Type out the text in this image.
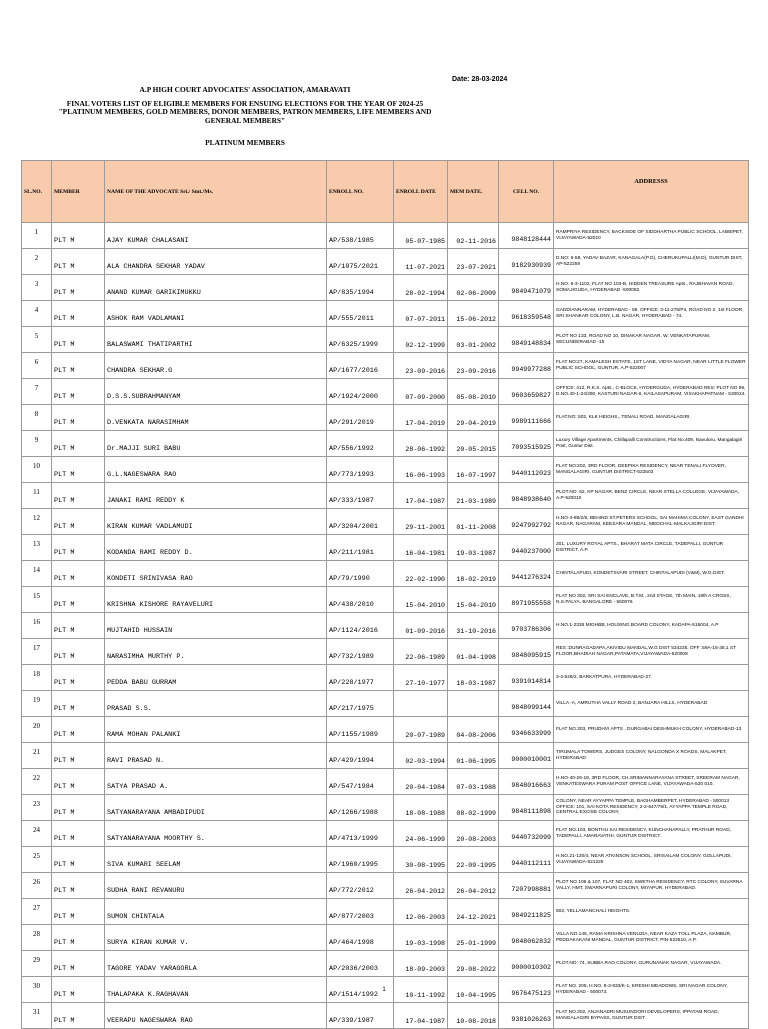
Date: 28-03-2024
A.P HIGH COURT ADVOCATES' ASSOCIATION, AMARAVATI
FINAL VOTERS LIST OF ELIGIBLE MEMBERS FOR ENSUING ELECTIONS FOR THE YEAR OF 2024-25
"PLATINUM MEMBERS, GOLD MEMBERS, DONOR MEMBERS, PATRON MEMBERS, LIFE MEMBERS AND GENERAL MEMBERS"
PLATINUM MEMBERS
SL.NO.	MEMBER	NAME OF THE ADVOCATE Sri./ Smt./Ms.	ENROLL NO.	ENROLL DATE	MEM DATE.	CELL NO.	ADDRESSS
1	PLT M	AJAY KUMAR CHALASANI	AP/538/1985	05-07-1985	02-11-2016	9848128444	RAMPRIYA RESIDENCY, BACKSIDE OF SIDDHARTHA PUBLIC SCHOOL, LABBIPET, VIJAYAWADA-52010
2	PLT M	ALA CHANDRA SEKHAR YADAV	AP/1075/2021	11-07-2021	23-07-2021	9182930939	D.NO: 6-58, YADAV BAZAR, KANAGALA(P.O), CHERUKUPALLI(M.D), GUNTUR DIST, AP-522259
3	PLT M	ANAND KUMAR GARIKIMUKKU	AP/835/1994	28-02-1994	02-06-2009	9849471079	H.NO. 6-3-1102, FLAT NO 103-B, HIDDEN TREASURE Apts., RAJBHAVAN ROAD, SOMAJIGUDA, HYDERABAD -500082.
4	PLT M	ASHOK RAM VADLAMANI	AP/555/2011	07-07-2011	15-06-2012	9618359548	GADDIANNARAM, HYDERABAD - 59. OFFICE: 3-11-275/P4, ROAD NO 2, 1st FLOOR, SRI SHANKAR COLONY, L.B. NAGAR, HYDERABAD - 74.
5	PLT M	BALASWAMI THATIPARTHI	AP/6325/1999	02-12-1999	03-01-2002	9849148834	PLOT NO 133, ROAD NO 10, DINAKAR NAGAR, W. VENKATAPURAM, SECUNDERABAD -15
6	PLT M	CHANDRA SEKHAR.G	AP/1677/2016	23-09-2016	23-09-2016	9949977288	FLAT NO:27, KAMALESH ESTATE, 1ST LANE, VIDYA NAGAR, NEAR LITTLE FLOWER PUBLIC SCHOOL, GUNTUR, A.P-522007
7	PLT M	D.S.S.SUBRAHMANYAM	AP/1924/2000	07-09-2000	05-08-2010	9603659827	OFFICE: 412, R.K.S. Apts., C-BLOCK, HYDERGUDA, HYDERABAD RES: PLOT NO 96, D.NO.40-1-24/290, KASTURI NAGAR-II, KAILASAPURAM, VISAKHAPATNAM - 530024.
8	PLT M	D.VENKATA NARASIMHAM	AP/291/2019	17-04-2019	29-04-2019	9989111666	FLAT.NO: 502, KLK HEIGHS,, TENALI ROAD, MANGALAGIRI.
9	PLT M	Dr.MAJJI SURI BABU	AP/556/1992	28-06-1992	20-05-2015	7093515925	Luxury Village Apartments, Chillapalli Constructions, Flat No.409, Navuluru, Mangalagiri Post, Guntur Dist.
10	PLT M	G.L.NAGESWARA RAO	AP/773/1993	16-06-1993	16-07-1997	9440112023	FLAT NO:202, 3RD FLOOR, DEEPIKA RESIDENCY, NEAR TENALI FLYOVER, MANGALAGIRI, GUNTUR DISTRICT-522503
11	PLT M	JANAKI RAMI REDDY K	AP/333/1987	17-04-1987	21-03-1989	9848938640	PLOT.NO: 62, KP NAGAR, BENZ CIRCLE, NEAR STELLA COLLEGE, VIJAYAWADA, A.P-520010
12	PLT M	KIRAN KUMAR VADLAMUDI	AP/3204/2001	29-11-2001	01-11-2008	9247992792	H.NO-4-88/2/5, BEHIND ST.PETERS SCHOOL, SAI MAHIMA COLONY, EAST GANDHI NAGAR, NAGARAM, KEESARA MANDAL, MEDCHAL-MALKAJGIRI DIST.
13	PLT M	KODANDA RAMI REDDY D.	AP/211/1981	16-04-1981	19-03-1987	9440237000	201, LUXURY ROYAL APTS., BHARAT MATA CIRCLE, TADEPALLI, GUNTUR DISTRICT, A.P.
14	PLT M	KONDETI SRINIVASA RAO	AP/79/1990	22-02-1990	18-02-2019	9441276324	CHINTALAPUDI, KONDETSVARI STREET, CHINTALAPUDI (V&M), W.G.DIST.
15	PLT M	KRISHNA KISHORE RAYAVELURI	AP/438/2010	15-04-2010	15-04-2010	8971955558	FLAT NO 302, SRI SAI ENCLAVE, B.T.M., 2nd STAGE, 7th MAIN, 19th A CROSS, N.S.PALYA, BANGALORE - 560076
16	PLT M	MUJTAHID HUSSAIN	AP/1124/2016	01-09-2016	31-10-2016	9703786306	H.NO.1-2336 MIGHBB, HOUSING BOARD COLONY, KADAPA-516004, A.P
17	PLT M	NARASIMHA MURTHY P.	AP/732/1989	22-06-1989	01-04-1998	9848095915	RES :DUNRAGADAPA,AKIVIDU MANDAL,W.G DIST 534235. OFF :59A-15-35,1 ST FLOOR,BHADIAH NAGAR,PATAMATA,VIJAYAWADA-520008
18	PLT M	PEDDA BABU GURRAM	AP/228/1977	27-10-1977	18-03-1987	9391014814	3-4-526/2, BARKATPURA, HYDERABAD-27.
19	PLT M	PRASAD S.S.	AP/217/1975			9848099144	VILLA -A, AMRUTHA VALLY ROAD 2, BANJARA HILLS, HYDERABAD
20	PLT M	RAMA MOHAN PALANKI	AP/1155/1989	20-07-1989	04-08-2006	9346633999	FLAT NO.303, PRUDHVI APTS , DURGABAI DESHMUKH COLONY, HYDERABAD-13
21	PLT M	RAVI PRASAD N.	AP/429/1994	02-03-1994	01-06-1995	9000010001	TIRUMALA TOWERS, JUDGES COLONY, NALGONDA X ROADS, MALAKPET, HYDERABAD
22	PLT M	SATYA PRASAD A.	AP/547/1984	20-04-1984	07-03-1988	9848016663	H.NO-40-26-18, 3RD FLOOR, CH.SRIMANNARAYANA STREET, SREERAM NAGAR, VENKATESWARA PURAM POST OFFICE LANE, VIJAYAWADA-520 010.
23	PLT M	SATYANARAYANA AMBADIPUDI	AP/1266/1988	18-08-1988	08-02-1999	9848111898	COLONY, NEAR AYYAPPA TEMPLE, BAGHAMBERPET, HYDERABAD - 500013 OFFICE: 101, SAI KOTA RESIDENCY, 2-2-647/79/1, AYYAPPA TEMPLE ROAD, CENTRAL EXCISE COLONY,
24	PLT M	SATYANARAYANA MOORTHY S.	AP/4713/1999	24-06-1999	20-08-2003	9440732099	FLAT NO.103, BONTHU SAI RESIDENCY, KUNCHANAPALLY, PRATHUR ROAD, TADEPALLI, AMARAVATHI, GUNTUR DISTRICT.
25	PLT M	SIVA KUMARI SEELAM	AP/1960/1995	30-08-1995	22-09-1995	9440112111	H.NO.21-130/4, NEAR ATKINSON SCHOOL, SRISAILAM COLONY, GOLLAPUDI, VIJAYAWADA-521225
26	PLT M	SUDHA RANI REVANURU	AP/772/2012	26-04-2012	26-04-2012	7207998881	PLOT NO 106 & 107, FLAT NO 402, SWETHA RESIDENCY, RTC COLONY, SUVARNA VALLY, HMT, SWARNAPURI COLONY, MIYAPUR, HYDERABAD.
27	PLT M	SUMON CHINTALA	AP/877/2003	12-06-2003	24-12-2021	9849211825	602, YELLAMANCHALI HEIGHTS.
28	PLT M	SURYA KIRAN KUMAR V.	AP/464/1998	19-03-1998	25-01-1999	9848062832	VILLA NO.145, RAMA KRISHNA VENUZIA, NEAR KAZA TOLL PLAZA, NAMBUR, PEDDAKAKANI MANDAL, GUNTUR DISTRICT, PIN-522510, A.P.
29	PLT M	TAGORE YADAV YARAGORLA	AP/2036/2003	18-09-2003	29-08-2022	9000010302	PLOT.NO: 74, SUBBA RAO COLONY, GURUNANAK NAGAR, VIJAYAWADA.
30	PLT M	THALAPAKA K.RAGHAVAN	AP/1514/1992	10-11-1992	10-04-1995	9676475123	FLAT NO. 205, H.NO. 8-3-833/K-1, KRESHI MEADOWS, SRI NAGAR COLONY, HYDERABAD - 500073.
31	PLT M	VEERAPU NAGESWARA RAO	AP/339/1987	17-04-1987	10-08-2018	9381026263	FLAT NO.302, ANJANADRI MUSUNOORI DEVELOPERS, IPPATAM ROAD, MANGALAGIRI BYPASS, GUNTUR DIST.
1
